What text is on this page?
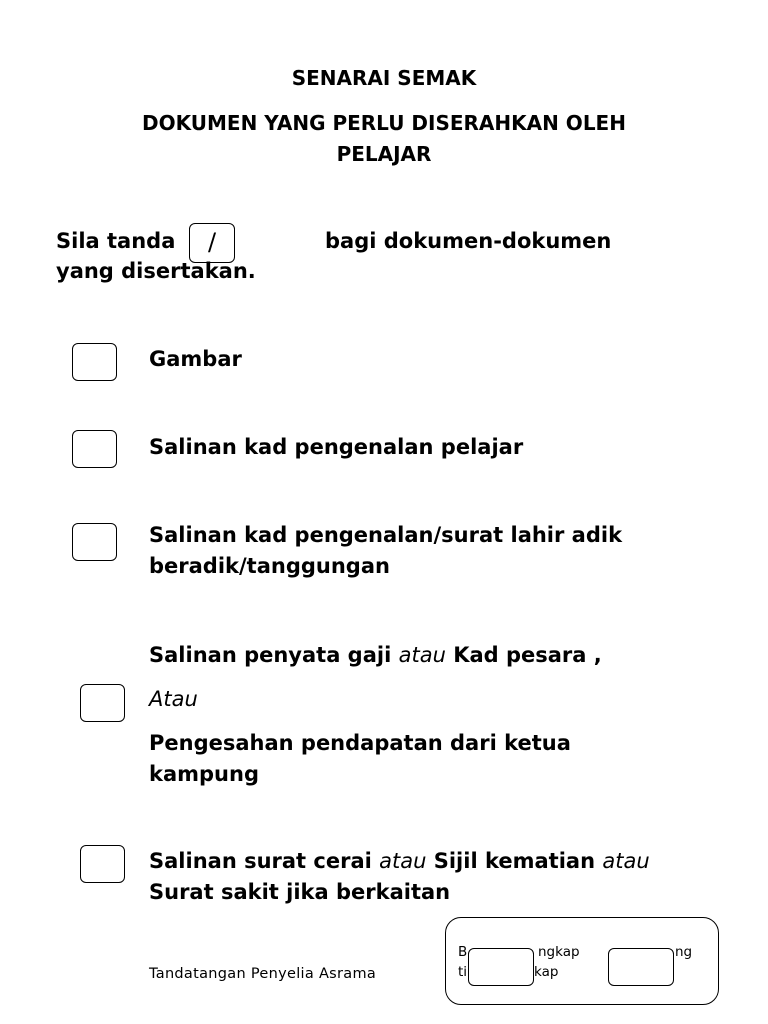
SENARAI SEMAK
DOKUMEN YANG PERLU DISERAHKAN OLEH
PELAJAR
Sila tanda	/	bagi dokumen-dokumen
yang disertakan.
Gambar
Salinan kad pengenalan pelajar
Salinan kad pengenalan/surat lahir adik
beradik/tanggungan
Salinan penyata gaji atau Kad pesara ,
Atau
Pengesahan pendapatan dari ketua
kampung
Salinan surat cerai atau Sijil kematian atau
Surat sakit jika berkaitan
Tandatangan Penyelia Asrama
B	ngkap
ti	kap
ng
